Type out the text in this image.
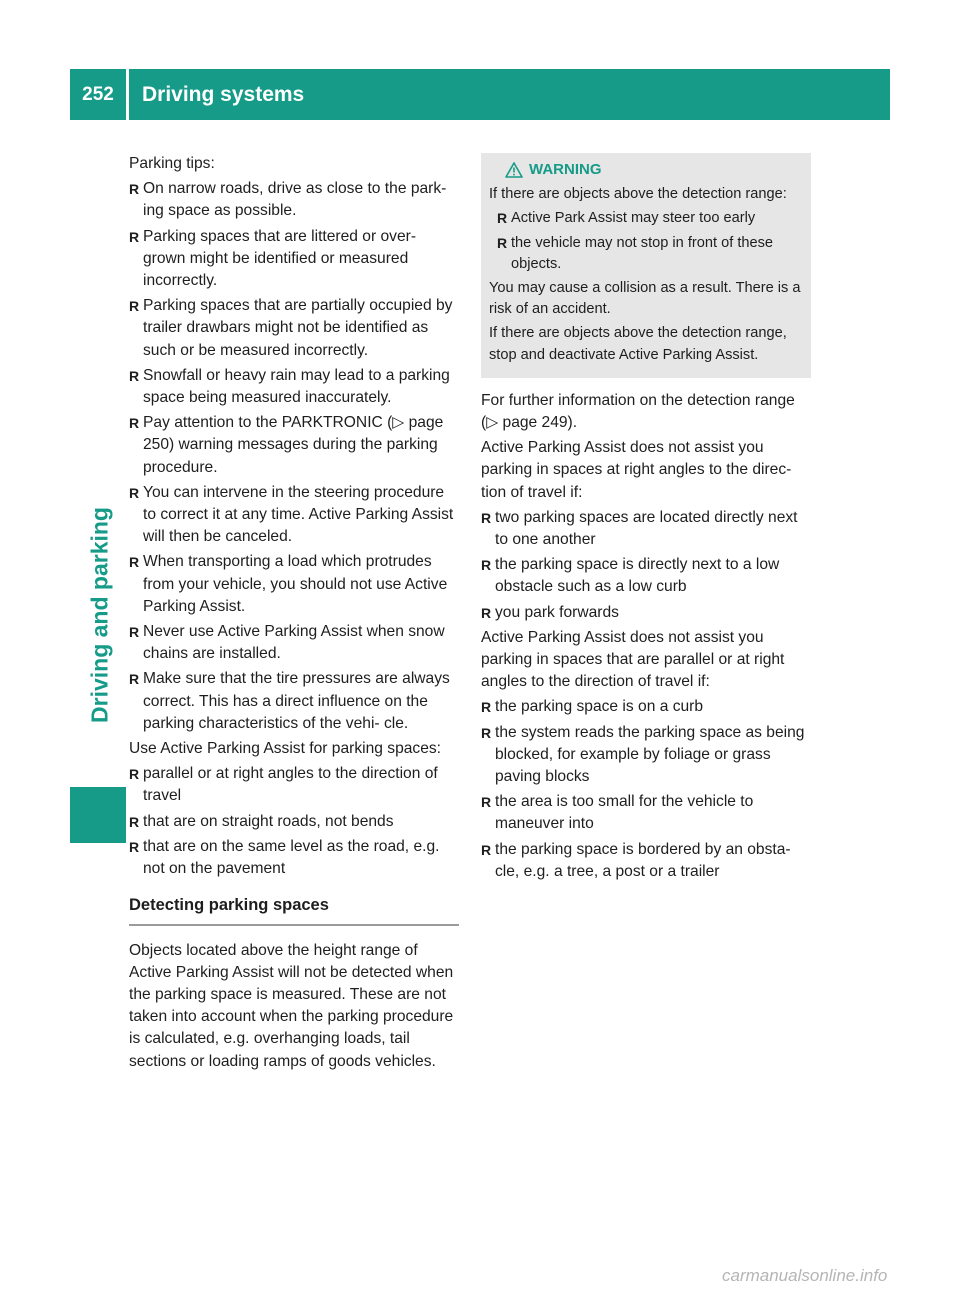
252	Driving systems
Driving and parking

Parking tips:

R On narrow roads, drive as close to the park- ing space as possible.
R Parking spaces that are littered or over- grown might be identified or measured incorrectly.
R Parking spaces that are partially occupied by trailer drawbars might not be identified as such or be measured incorrectly.
R Snowfall or heavy rain may lead to a parking space being measured inaccurately.
R Pay attention to the PARKTRONIC (▷ page 250) warning messages during the parking procedure.
R You can intervene in the steering procedure to correct it at any time. Active Parking Assist will then be canceled.
R When transporting a load which protrudes from your vehicle, you should not use Active Parking Assist.
R Never use Active Parking Assist when snow chains are installed.
R Make sure that the tire pressures are always correct. This has a direct influence on the parking characteristics of the vehi- cle.

Use Active Parking Assist for parking spaces:

R parallel or at right angles to the direction of travel
R that are on straight roads, not bends
R that are on the same level as the road, e.g. not on the pavement
Detecting parking spaces

Objects located above the height range of Active Parking Assist will not be detected when the parking space is measured. These are not taken into account when the parking procedure is calculated, e.g. overhanging loads, tail sections or loading ramps of goods vehicles.

WARNING

If there are objects above the detection range:

R Active Park Assist may steer too early
R the vehicle may not stop in front of these objects.

You may cause a collision as a result. There is a risk of an accident.

If there are objects above the detection range, stop and deactivate Active Parking Assist.

For further information on the detection range (▷ page 249).

Active Parking Assist does not assist you parking in spaces at right angles to the direc- tion of travel if:

R two parking spaces are located directly next to one another
R the parking space is directly next to a low obstacle such as a low curb
R you park forwards

Active Parking Assist does not assist you parking in spaces that are parallel or at right angles to the direction of travel if:

R the parking space is on a curb
R the system reads the parking space as being blocked, for example by foliage or grass paving blocks
R the area is too small for the vehicle to maneuver into
R the parking space is bordered by an obsta- cle, e.g. a tree, a post or a trailer
carmanualsonline.info
